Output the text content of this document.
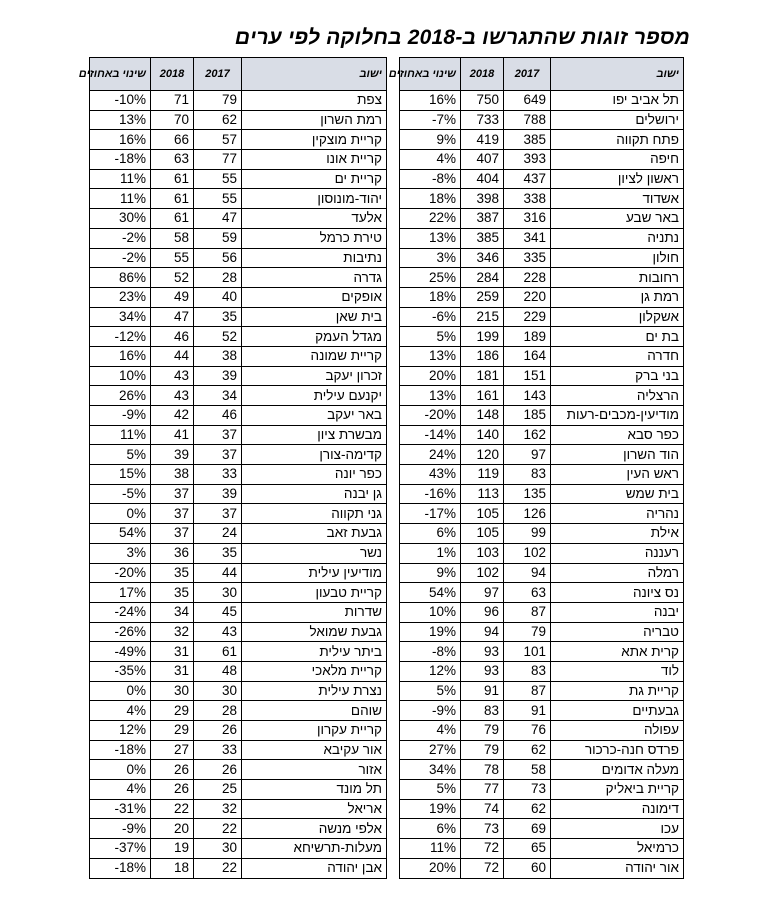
מספר זוגות שהתגרשו ב-2018 בחלוקה לפי ערים
שינוי באחוזים	2018	2017	ישוב
-10%	71	79	צפת
13%	70	62	רמת השרון
16%	66	57	קריית מוצקין
-18%	63	77	קריית אונו
11%	61	55	קריית ים
11%	61	55	יהוד-מונוסון
30%	61	47	אלעד
-2%	58	59	טירת כרמל
-2%	55	56	נתיבות
86%	52	28	גדרה
23%	49	40	אופקים
34%	47	35	בית שאן
-12%	46	52	מגדל העמק
16%	44	38	קריית שמונה
10%	43	39	זכרון יעקב
26%	43	34	יקנעם עילית
-9%	42	46	באר יעקב
11%	41	37	מבשרת ציון
5%	39	37	קדימה-צורן
15%	38	33	כפר יונה
-5%	37	39	גן יבנה
0%	37	37	גני תקווה
54%	37	24	גבעת זאב
3%	36	35	נשר
-20%	35	44	מודיעין עילית
17%	35	30	קריית טבעון
-24%	34	45	שדרות
-26%	32	43	גבעת שמואל
-49%	31	61	ביתר עילית
-35%	31	48	קריית מלאכי
0%	30	30	נצרת עילית
4%	29	28	שוהם
12%	29	26	קריית עקרון
-18%	27	33	אור עקיבא
0%	26	26	אזור
4%	26	25	תל מונד
-31%	22	32	אריאל
-9%	20	22	אלפי מנשה
-37%	19	30	מעלות-תרשיחא
-18%	18	22	אבן יהודה
שינוי באחוזים	2018	2017	ישוב
16%	750	649	תל אביב יפו
-7%	733	788	ירושלים
9%	419	385	פתח תקווה
4%	407	393	חיפה
-8%	404	437	ראשון לציון
18%	398	338	אשדוד
22%	387	316	באר שבע
13%	385	341	נתניה
3%	346	335	חולון
25%	284	228	רחובות
18%	259	220	רמת גן
-6%	215	229	אשקלון
5%	199	189	בת ים
13%	186	164	חדרה
20%	181	151	בני ברק
13%	161	143	הרצליה
-20%	148	185	מודיעין-מכבים-רעות
-14%	140	162	כפר סבא
24%	120	97	הוד השרון
43%	119	83	ראש העין
-16%	113	135	בית שמש
-17%	105	126	נהריה
6%	105	99	אילת
1%	103	102	רעננה
9%	102	94	רמלה
54%	97	63	נס ציונה
10%	96	87	יבנה
19%	94	79	טבריה
-8%	93	101	קרית אתא
12%	93	83	לוד
5%	91	87	קריית גת
-9%	83	91	גבעתיים
4%	79	76	עפולה
27%	79	62	פרדס חנה-כרכור
34%	78	58	מעלה אדומים
5%	77	73	קריית ביאליק
19%	74	62	דימונה
6%	73	69	עכו
11%	72	65	כרמיאל
20%	72	60	אור יהודה
